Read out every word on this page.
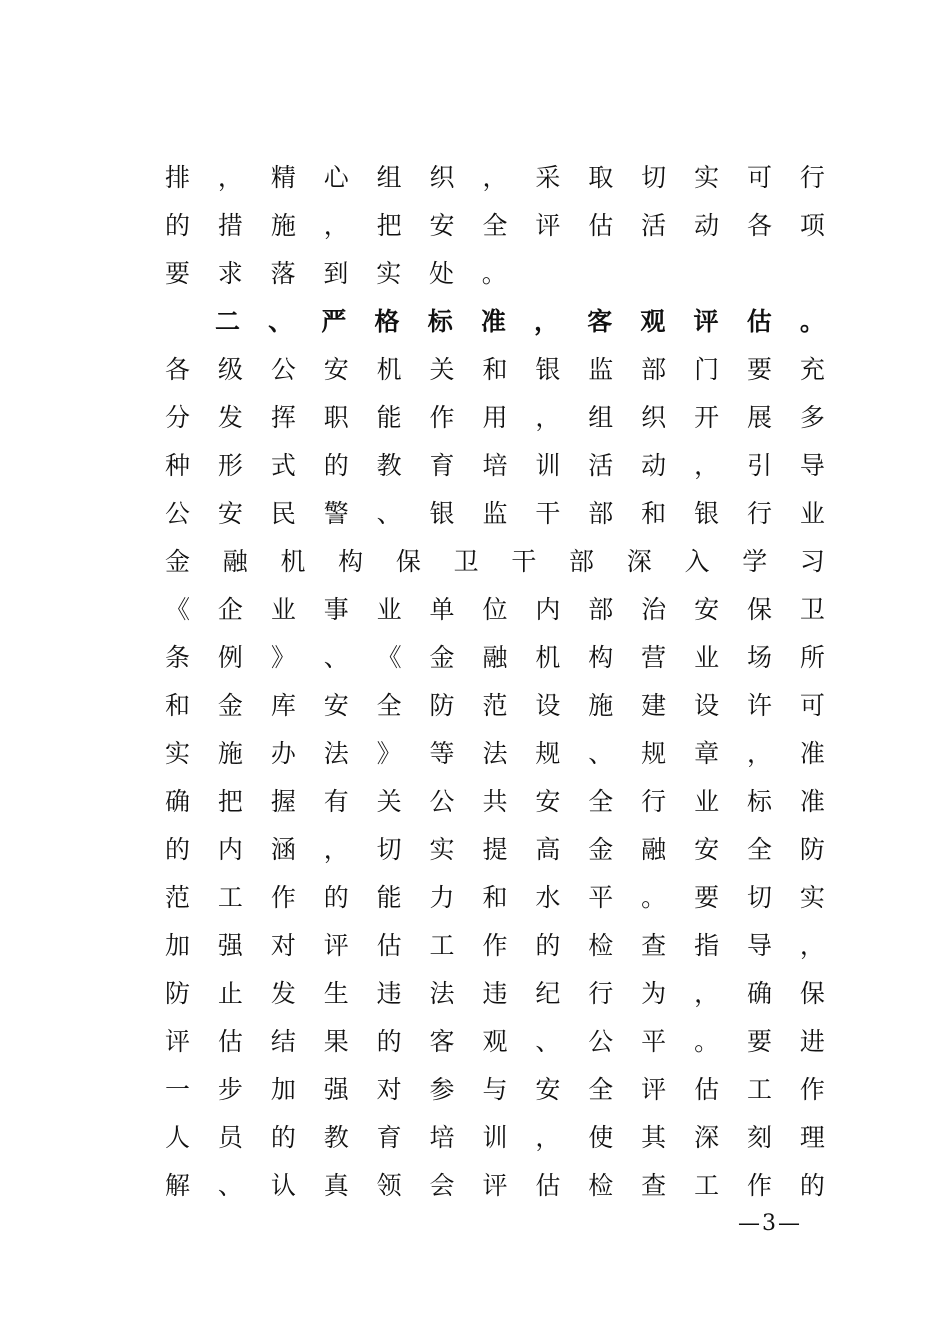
排 ， 精 心 组 织 ， 采 取 切 实 可 行
的 措 施 ， 把 安 全 评 估 活 动 各 项
要	求	落	到	实	处	。
二 、 严 格 标 准 ， 客 观 评 估 。
各 级 公 安 机 关 和 银 监 部 门 要 充
分 发 挥 职 能 作 用 ， 组 织 开 展 多
种 形 式 的 教 育 培 训 活 动 ， 引 导
公 安 民 警 、 银 监 干 部 和 银 行 业
金 融 机 构 保 卫 干 部 深 入 学 习
《 企 业 事 业 单 位 内 部 治 安 保 卫
条 例 》 、 《 金 融 机 构 营 业 场 所
和 金 库 安 全 防 范 设 施 建 设 许 可
实 施 办 法 》 等 法 规 、 规 章 ， 准
确 把 握 有 关 公 共 安 全 行 业 标 准
的 内 涵 ， 切 实 提 高 金 融 安 全 防
范 工 作 的 能 力 和 水 平 。 要 切 实
加 强 对 评 估 工 作 的 检 查 指 导 ，
防 止 发 生 违 法 违 纪 行 为 ， 确 保
评 估 结 果 的 客 观 、 公 平 。 要 进
一 步 加 强 对 参 与 安 全 评 估 工 作
人 员 的 教 育 培 训 ， 使 其 深 刻 理
解 、 认 真 领 会 评 估 检 查 工 作 的
—3—
